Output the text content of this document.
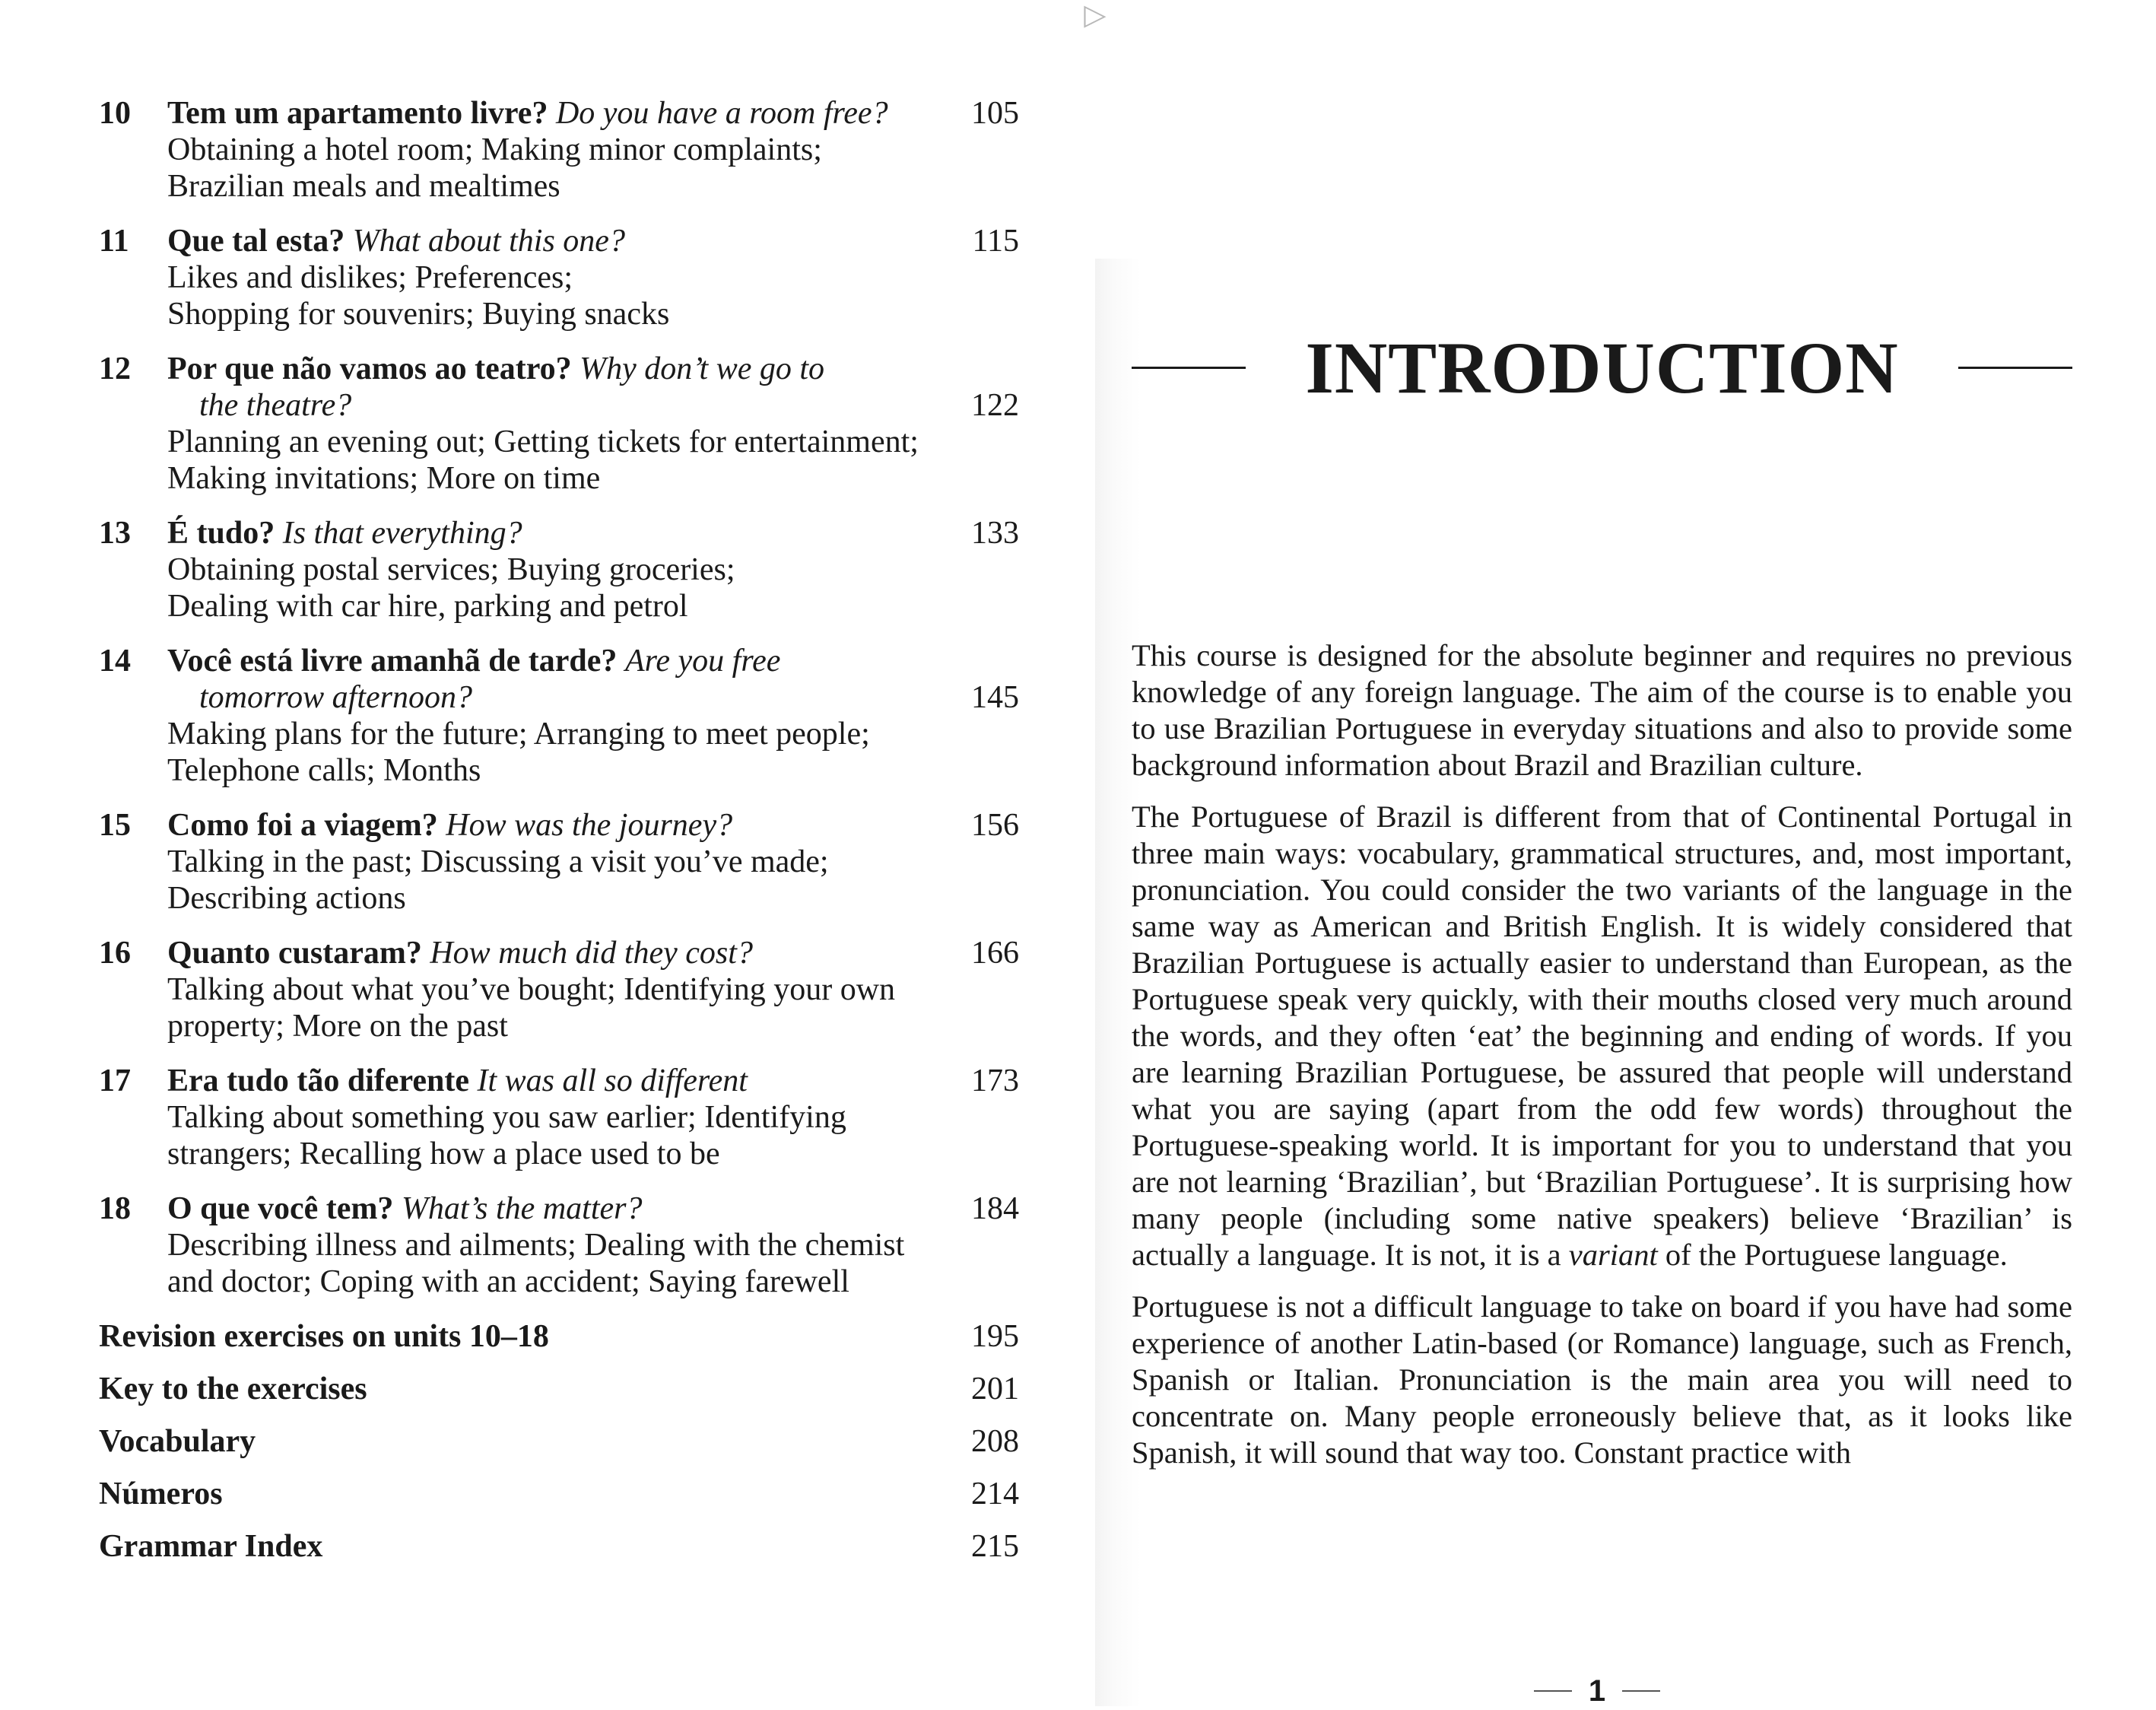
▷
10 Tem um apartamento livre? Do you have a room free?
Obtaining a hotel room; Making minor complaints;
Brazilian meals and mealtimes
105
11 Que tal esta? What about this one?
Likes and dislikes; Preferences;
Shopping for souvenirs; Buying snacks
115
12 Por que não vamos ao teatro? Why don’t we go to
the theatre?
Planning an evening out; Getting tickets for entertainment;
Making invitations; More on time
122
13 É tudo? Is that everything?
Obtaining postal services; Buying groceries;
Dealing with car hire, parking and petrol
133
14 Você está livre amanhã de tarde? Are you free
tomorrow afternoon?
Making plans for the future; Arranging to meet people;
Telephone calls; Months
145
15 Como foi a viagem? How was the journey?
Talking in the past; Discussing a visit you’ve made;
Describing actions
156
16 Quanto custaram? How much did they cost?
Talking about what you’ve bought; Identifying your own
property; More on the past
166
17 Era tudo tão diferente It was all so different
Talking about something you saw earlier; Identifying
strangers; Recalling how a place used to be
173
18 O que você tem? What’s the matter?
Describing illness and ailments; Dealing with the chemist
and doctor; Coping with an accident; Saying farewell
184
Revision exercises on units 10–18	195
Key to the exercises	201
Vocabulary	208
Números	214
Grammar Index	215
INTRODUCTION

This course is designed for the absolute beginner and requires no previous knowledge of any foreign language. The aim of the course is to enable you to use Brazilian Portuguese in everyday situations and also to provide some background information about Brazil and Brazilian culture.

The Portuguese of Brazil is different from that of Continental Portugal in three main ways: vocabulary, grammatical structures, and, most important, pronunciation. You could consider the two variants of the language in the same way as American and British English. It is widely considered that Brazilian Portuguese is actually easier to understand than European, as the Portuguese speak very quickly, with their mouths closed very much around the words, and they often ‘eat’ the beginning and ending of words. If you are learning Brazilian Portuguese, be assured that people will understand what you are saying (apart from the odd few words) throughout the Portuguese-speaking world. It is important for you to understand that you are not learning ‘Brazilian’, but ‘Brazilian Portuguese’. It is surprising how many people (including some native speakers) believe ‘Brazilian’ is actually a language. It is not, it is a variant of the Portuguese language.

Portuguese is not a difficult language to take on board if you have had some experience of another Latin-based (or Romance) language, such as French, Spanish or Italian. Pronunciation is the main area you will need to concentrate on. Many people erroneously believe that, as it looks like Spanish, it will sound that way too. Constant practice with

1
